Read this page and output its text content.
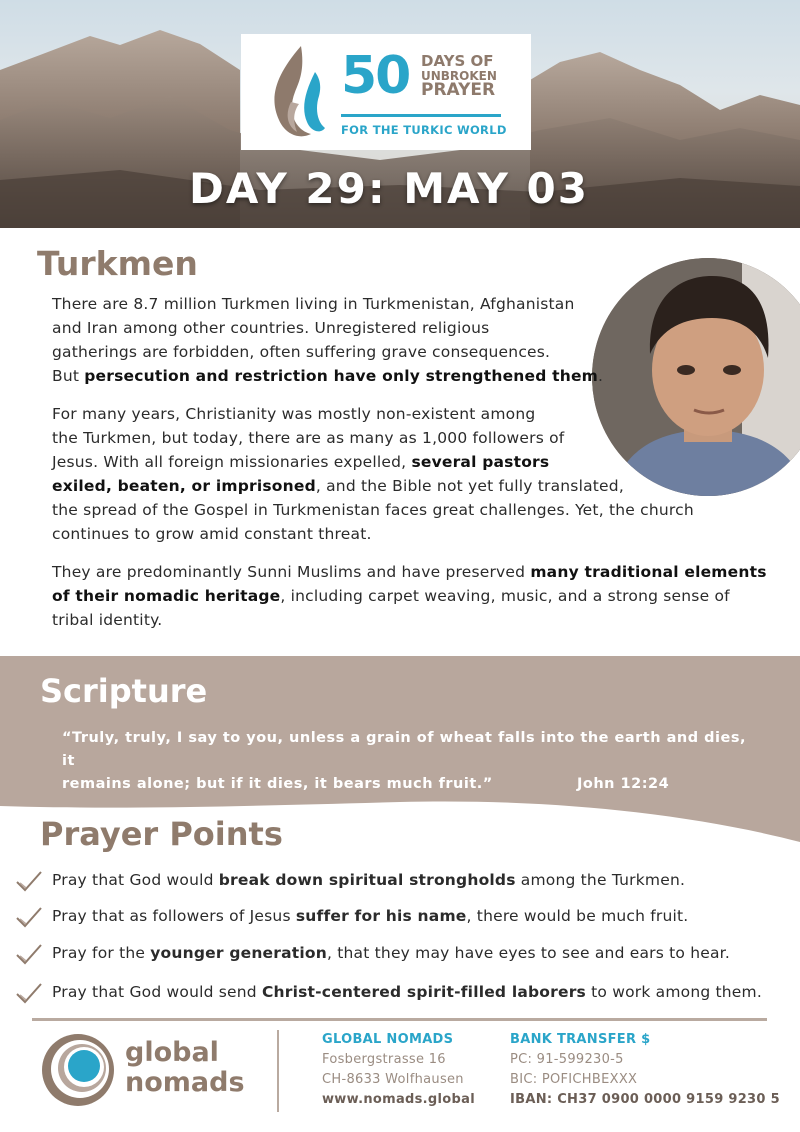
50 DAYS OF
UNBROKEN
PRAYER
FOR THE TURKIC WORLD
DAY 29: MAY 03
Turkmen

There are 8.7 million Turkmen living in Turkmenistan, Afghanistan
and Iran among other countries. Unregistered religious
gatherings are forbidden, often suffering grave consequences.
But persecution and restriction have only strengthened them.

For many years, Christianity was mostly non-existent among
the Turkmen, but today, there are as many as 1,000 followers of
Jesus. With all foreign missionaries expelled, several pastors
exiled, beaten, or imprisoned, and the Bible not yet fully translated,
the spread of the Gospel in Turkmenistan faces great challenges. Yet, the church
continues to grow amid constant threat.

They are predominantly Sunni Muslims and have preserved many traditional elements
of their nomadic heritage, including carpet weaving, music, and a strong sense of
tribal identity.

Scripture

“Truly, truly, I say to you, unless a grain of wheat falls into the earth and dies, it
remains alone; but if it dies, it bears much fruit.”	John 12:24
Prayer Points
Pray that God would break down spiritual strongholds among the Turkmen.
Pray that as followers of Jesus suffer for his name, there would be much fruit.
Pray for the younger generation, that they may have eyes to see and ears to hear.
Pray that God would send Christ-centered spirit-filled laborers to work among them.
global
nomads
GLOBAL NOMADS
Fosbergstrasse 16
CH-8633 Wolfhausen
www.nomads.global
BANK TRANSFER $
PC: 91-599230-5
BIC: POFICHBEXXX
IBAN: CH37 0900 0000 9159 9230 5
